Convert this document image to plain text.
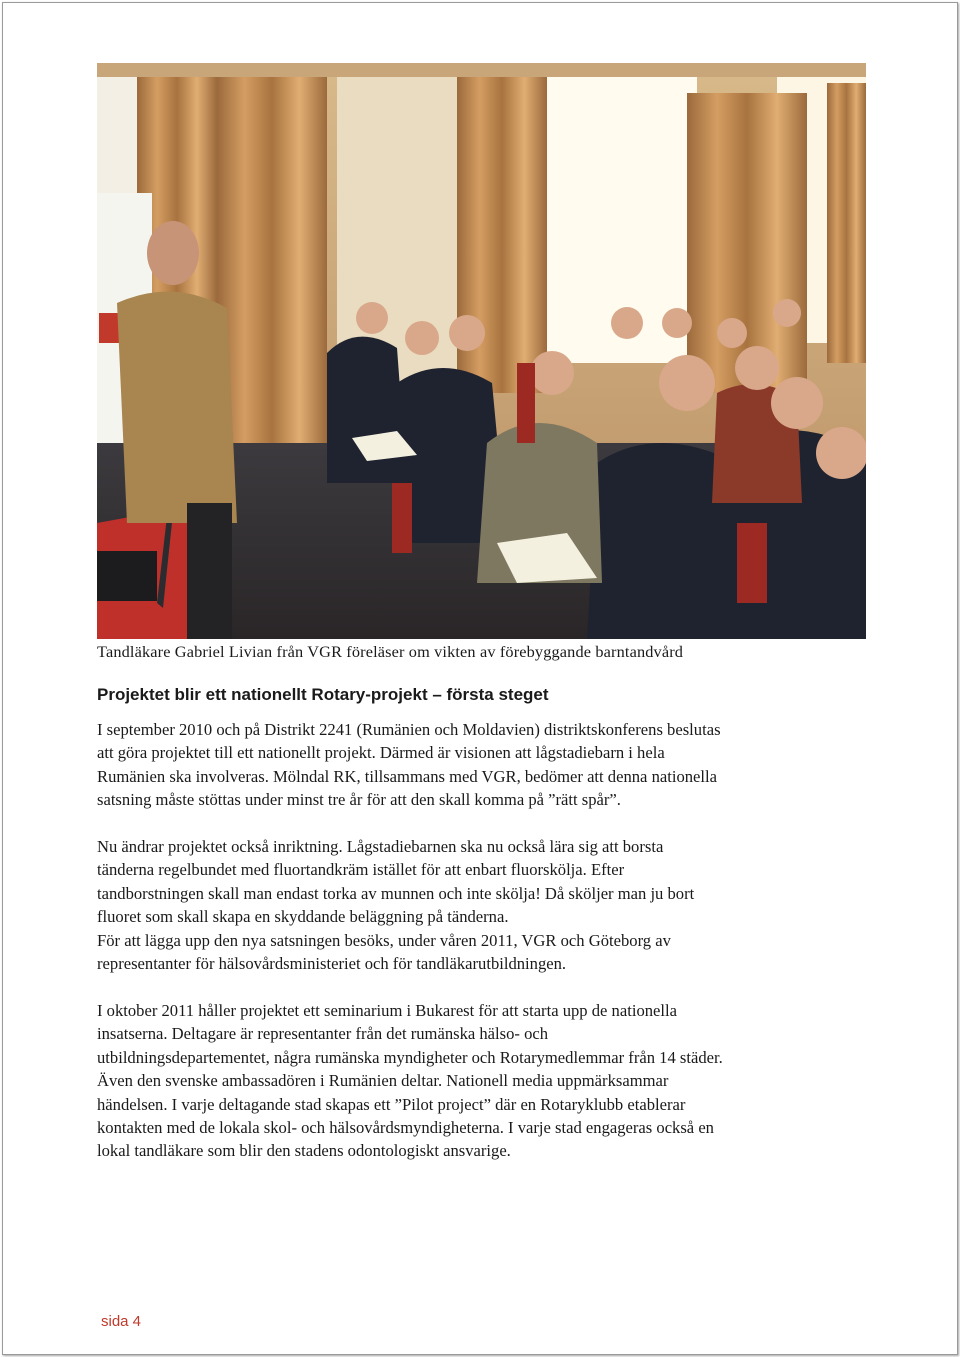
Tandläkare Gabriel Livian från VGR föreläser om vikten av förebyggande barntandvård
Projektet blir ett nationellt Rotary-projekt – första steget
I september 2010 och på Distrikt 2241 (Rumänien och Moldavien) distriktskonferens beslutas
att göra projektet till ett nationellt projekt. Därmed är visionen att lågstadiebarn i hela
Rumänien ska involveras. Mölndal RK, tillsammans med VGR, bedömer att denna nationella
satsning måste stöttas under minst tre år för att den skall komma på ”rätt spår”.
Nu ändrar projektet också inriktning. Lågstadiebarnen ska nu också lära sig att borsta
tänderna regelbundet med fluortandkräm istället för att enbart fluorskölja. Efter
tandborstningen skall man endast torka av munnen och inte skölja! Då sköljer man ju bort
fluoret som skall skapa en skyddande beläggning på tänderna.
För att lägga upp den nya satsningen besöks, under våren 2011, VGR och Göteborg av
representanter för hälsovårdsministeriet och för tandläkarutbildningen.
I oktober 2011 håller projektet ett seminarium i Bukarest för att starta upp de nationella
insatserna. Deltagare är representanter från det rumänska hälso- och
utbildningsdepartementet, några rumänska myndigheter och Rotarymedlemmar från 14 städer.
Även den svenske ambassadören i Rumänien deltar. Nationell media uppmärksammar
händelsen. I varje deltagande stad skapas ett ”Pilot project” där en Rotaryklubb etablerar
kontakten med de lokala skol- och hälsovårdsmyndigheterna. I varje stad engageras också en
lokal tandläkare som blir den stadens odontologiskt ansvarige.
sida 4
